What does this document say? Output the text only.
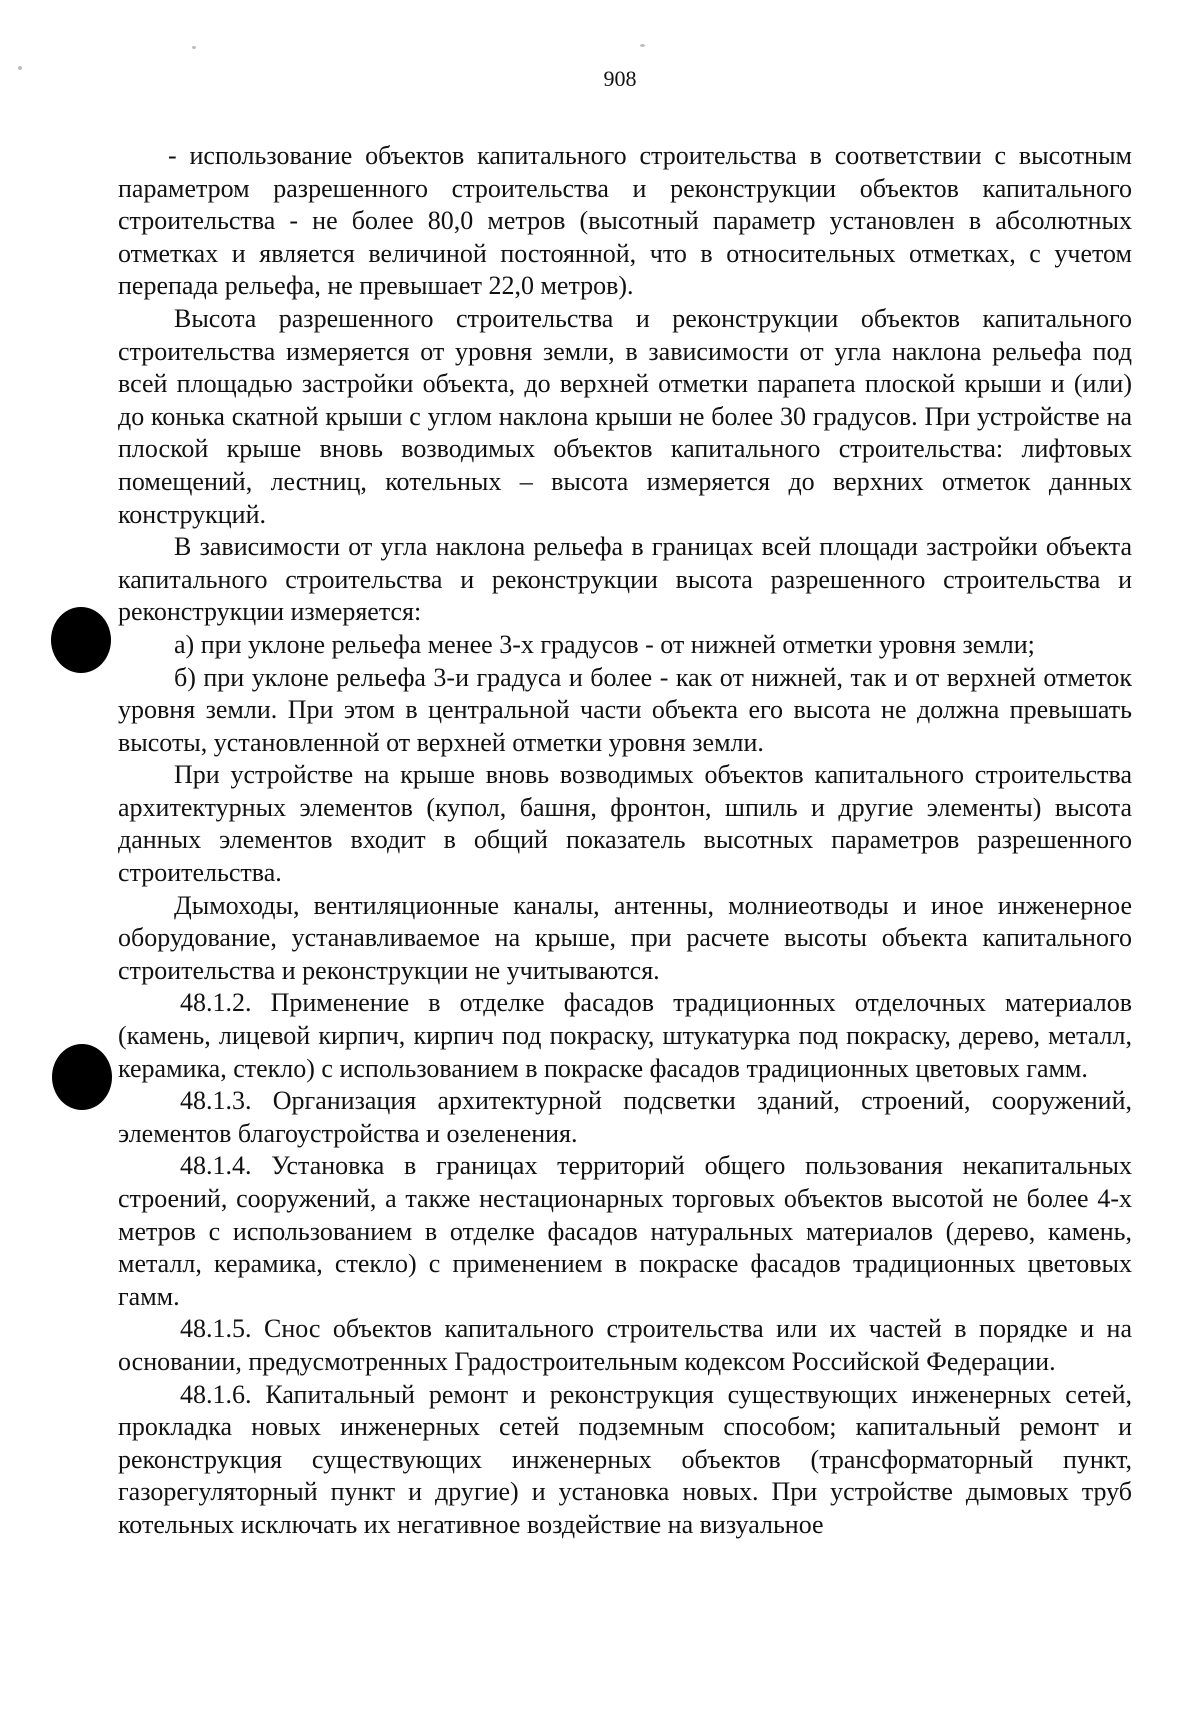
908

- использование объектов капитального строительства в соответствии с высотным параметром разрешенного строительства и реконструкции объектов капитального строительства - не более 80,0 метров (высотный параметр установлен в абсолютных отметках и является величиной постоянной, что в относительных отметках, с учетом перепада рельефа, не превышает 22,0 метров).

Высота разрешенного строительства и реконструкции объектов капитального строительства измеряется от уровня земли, в зависимости от угла наклона рельефа под всей площадью застройки объекта, до верхней отметки парапета плоской крыши и (или) до конька скатной крыши с углом наклона крыши не более 30 градусов. При устройстве на плоской крыше вновь возводимых объектов капитального строительства: лифтовых помещений, лестниц, котельных – высота измеряется до верхних отметок данных конструкций.

В зависимости от угла наклона рельефа в границах всей площади застройки объекта капитального строительства и реконструкции высота разрешенного строительства и реконструкции измеряется:

а) при уклоне рельефа менее 3-х градусов - от нижней отметки уровня земли;

б) при уклоне рельефа 3-и градуса и более - как от нижней, так и от верхней отметок уровня земли. При этом в центральной части объекта его высота не должна превышать высоты, установленной от верхней отметки уровня земли.

При устройстве на крыше вновь возводимых объектов капитального строительства архитектурных элементов (купол, башня, фронтон, шпиль и другие элементы) высота данных элементов входит в общий показатель высотных параметров разрешенного строительства.

Дымоходы, вентиляционные каналы, антенны, молниеотводы и иное инженерное оборудование, устанавливаемое на крыше, при расчете высоты объекта капитального строительства и реконструкции не учитываются.

48.1.2. Применение в отделке фасадов традиционных отделочных материалов (камень, лицевой кирпич, кирпич под покраску, штукатурка под покраску, дерево, металл, керамика, стекло) с использованием в покраске фасадов традиционных цветовых гамм.

48.1.3. Организация архитектурной подсветки зданий, строений, сооружений, элементов благоустройства и озеленения.

48.1.4. Установка в границах территорий общего пользования некапитальных строений, сооружений, а также нестационарных торговых объектов высотой не более 4-х метров с использованием в отделке фасадов натуральных материалов (дерево, камень, металл, керамика, стекло) с применением в покраске фасадов традиционных цветовых гамм.

48.1.5. Снос объектов капитального строительства или их частей в порядке и на основании, предусмотренных Градостроительным кодексом Российской Федерации.

48.1.6. Капитальный ремонт и реконструкция существующих инженерных сетей, прокладка новых инженерных сетей подземным способом; капитальный ремонт и реконструкция существующих инженерных объектов (трансформаторный пункт, газорегуляторный пункт и другие) и установка новых. При устройстве дымовых труб котельных исключать их негативное воздействие на визуальное
